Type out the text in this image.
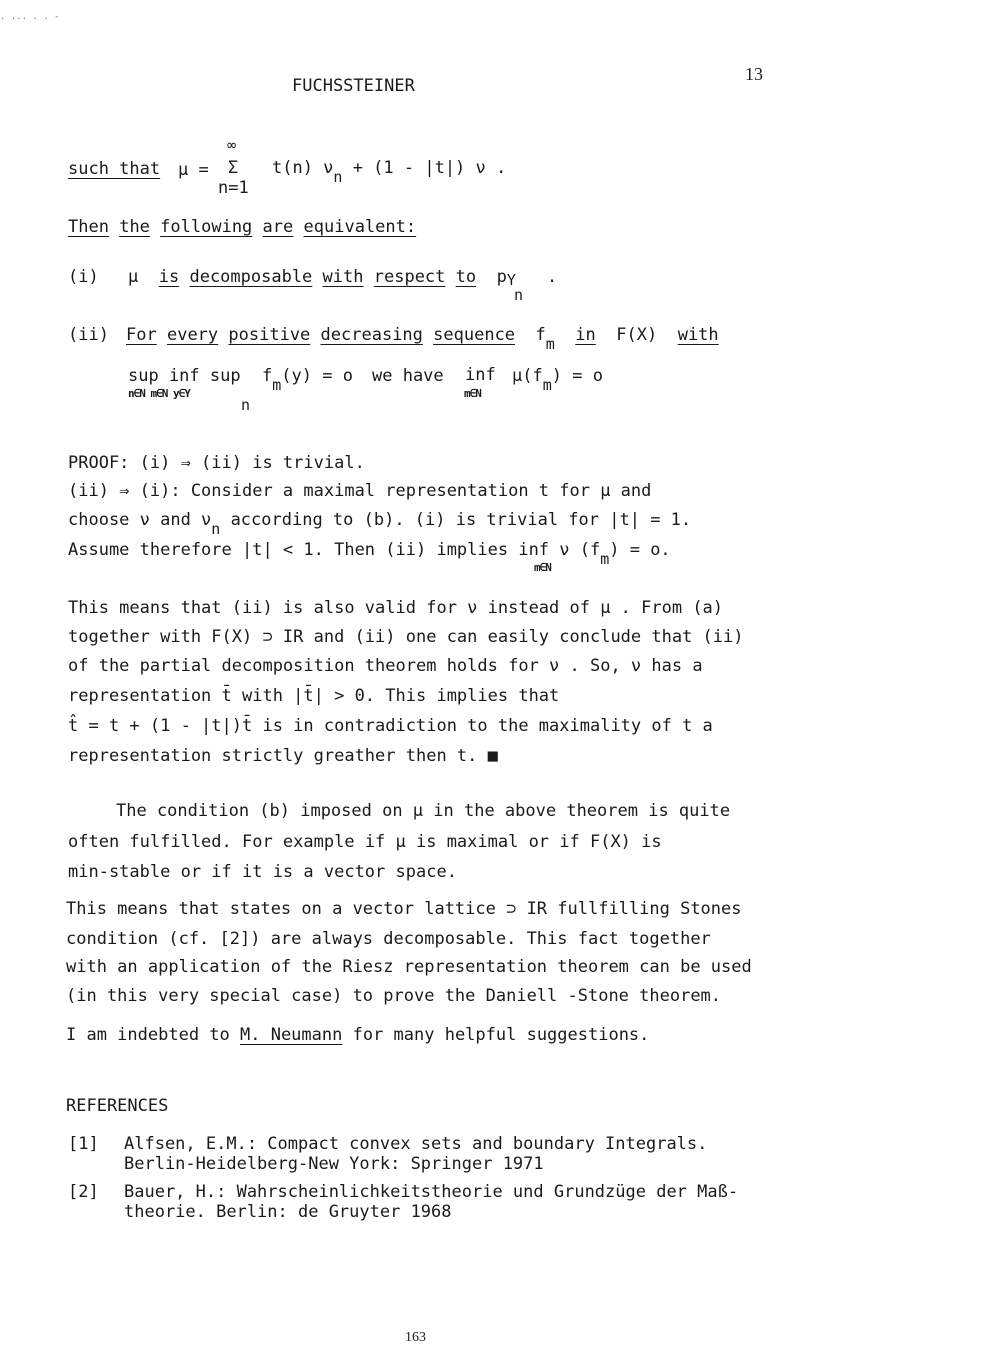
. ... . . -
FUCHSSTEINER
13
such that μ =
∞
Σ
n=1
t(n) νn + (1 - |t|) ν .
Then the following are equivalent:
(i) μ is decomposable with respect to pY
n
.
(ii) For every positive decreasing sequence fm in F(X) with
sup inf sup
n∈N m∈N y∈Y
n
fm(y) = o we have inf
m∈N
μ(fm) = o
PROOF: (i) ⇒ (ii) is trivial.
(ii) ⇒ (i): Consider a maximal representation t for μ and
choose ν and νn according to (b). (i) is trivial for |t| = 1.
Assume therefore |t| < 1. Then (ii) implies inf ν (fm) = o.
m∈N
This means that (ii) is also valid for ν instead of μ . From (a)
together with F(X) ⊃ IR and (ii) one can easily conclude that (ii)
of the partial decomposition theorem holds for ν . So, ν has a
representation t̄ with |t̄| > 0. This implies that
t̂ = t + (1 - |t|)t̄ is in contradiction to the maximality of t a
representation strictly greather then t. ■
The condition (b) imposed on μ in the above theorem is quite
often fulfilled. For example if μ is maximal or if F(X) is
min-stable or if it is a vector space.
This means that states on a vector lattice ⊃ IR fullfilling Stones
condition (cf. [2]) are always decomposable. This fact together
with an application of the Riesz representation theorem can be used
(in this very special case) to prove the Daniell -Stone theorem.
I am indebted to M. Neumann for many helpful suggestions.
REFERENCES
[1] Alfsen, E.M.: Compact convex sets and boundary Integrals.
Berlin-Heidelberg-New York: Springer 1971
[2] Bauer, H.: Wahrscheinlichkeitstheorie und Grundzüge der Maß-
theorie. Berlin: de Gruyter 1968
163
